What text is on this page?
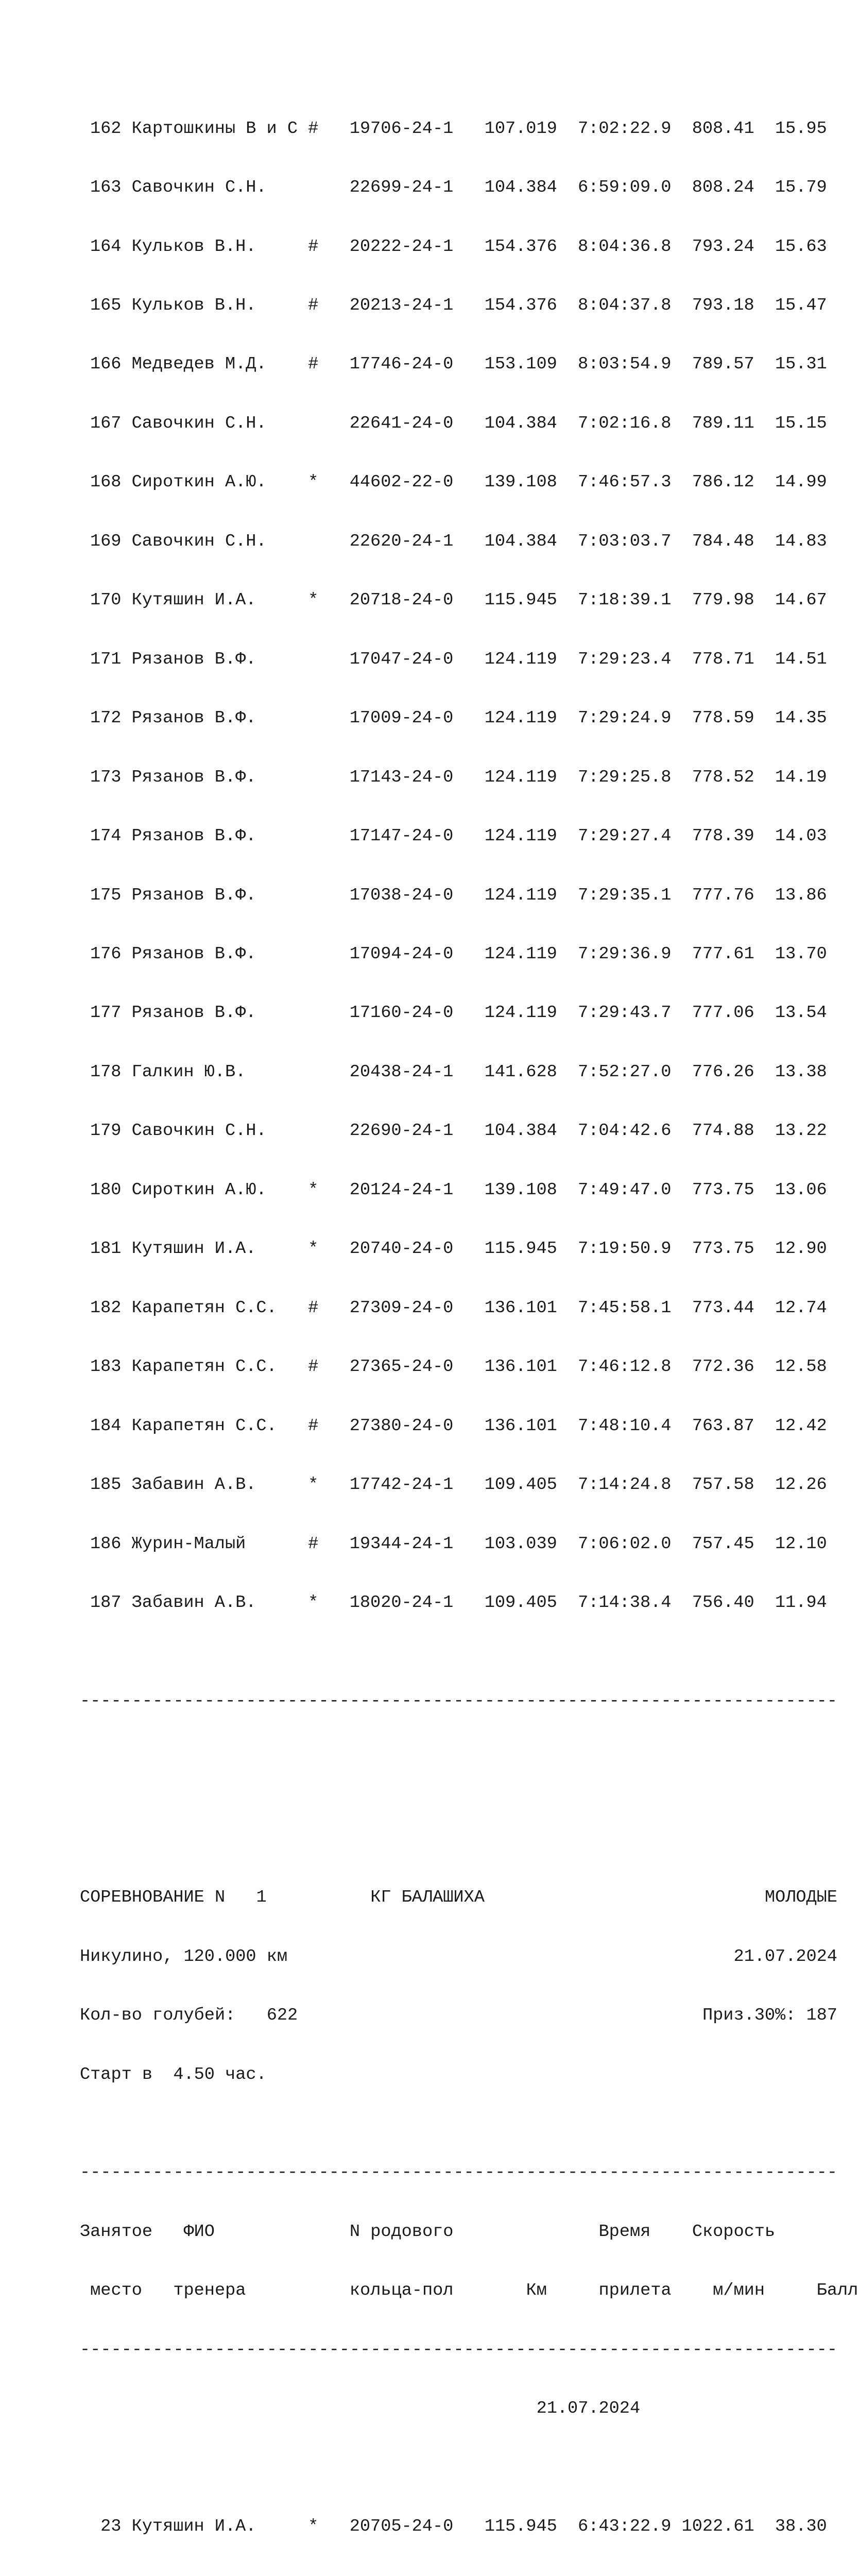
162 Картошкины В и С #   19706-24-1   107.019  7:02:22.9  808.41  15.95

163 Савочкин С.Н.        22699-24-1   104.384  6:59:09.0  808.24  15.79

164 Кульков В.Н.     #   20222-24-1   154.376  8:04:36.8  793.24  15.63

165 Кульков В.Н.     #   20213-24-1   154.376  8:04:37.8  793.18  15.47

166 Медведев М.Д.    #   17746-24-0   153.109  8:03:54.9  789.57  15.31

167 Савочкин С.Н.        22641-24-0   104.384  7:02:16.8  789.11  15.15

168 Сироткин А.Ю.    *   44602-22-0   139.108  7:46:57.3  786.12  14.99

169 Савочкин С.Н.        22620-24-1   104.384  7:03:03.7  784.48  14.83

170 Кутяшин И.А.     *   20718-24-0   115.945  7:18:39.1  779.98  14.67

171 Рязанов В.Ф.         17047-24-0   124.119  7:29:23.4  778.71  14.51

172 Рязанов В.Ф.         17009-24-0   124.119  7:29:24.9  778.59  14.35

173 Рязанов В.Ф.         17143-24-0   124.119  7:29:25.8  778.52  14.19

174 Рязанов В.Ф.         17147-24-0   124.119  7:29:27.4  778.39  14.03

175 Рязанов В.Ф.         17038-24-0   124.119  7:29:35.1  777.76  13.86

176 Рязанов В.Ф.         17094-24-0   124.119  7:29:36.9  777.61  13.70

177 Рязанов В.Ф.         17160-24-0   124.119  7:29:43.7  777.06  13.54

178 Галкин Ю.В.          20438-24-1   141.628  7:52:27.0  776.26  13.38

179 Савочкин С.Н.        22690-24-1   104.384  7:04:42.6  774.88  13.22

180 Сироткин А.Ю.    *   20124-24-1   139.108  7:49:47.0  773.75  13.06

181 Кутяшин И.А.     *   20740-24-0   115.945  7:19:50.9  773.75  12.90

182 Карапетян С.С.   #   27309-24-0   136.101  7:45:58.1  773.44  12.74

183 Карапетян С.С.   #   27365-24-0   136.101  7:46:12.8  772.36  12.58

184 Карапетян С.С.   #   27380-24-0   136.101  7:48:10.4  763.87  12.42

185 Забавин А.В.     *   17742-24-1   109.405  7:14:24.8  757.58  12.26

186 Журин-Малый      #   19344-24-1   103.039  7:06:02.0  757.45  12.10

187 Забавин А.В.     *   18020-24-1   109.405  7:14:38.4  756.40  11.94

-------------------------------------------------------------------------

СОРЕВНОВАНИЕ N   1          КГ БАЛАШИХА                           МОЛОДЫЕ

Никулино, 120.000 км                                           21.07.2024

Кол-во голубей:   622                                       Приз.30%: 187

Старт в  4.50 час.

-------------------------------------------------------------------------

Занятое   ФИО             N родового              Время    Скорость

место   тренера          кольца-пол       Км     прилета    м/мин     Балл

-------------------------------------------------------------------------

21.07.2024

23 Кутяшин И.А.     *   20705-24-0   115.945  6:43:22.9 1022.61  38.30
